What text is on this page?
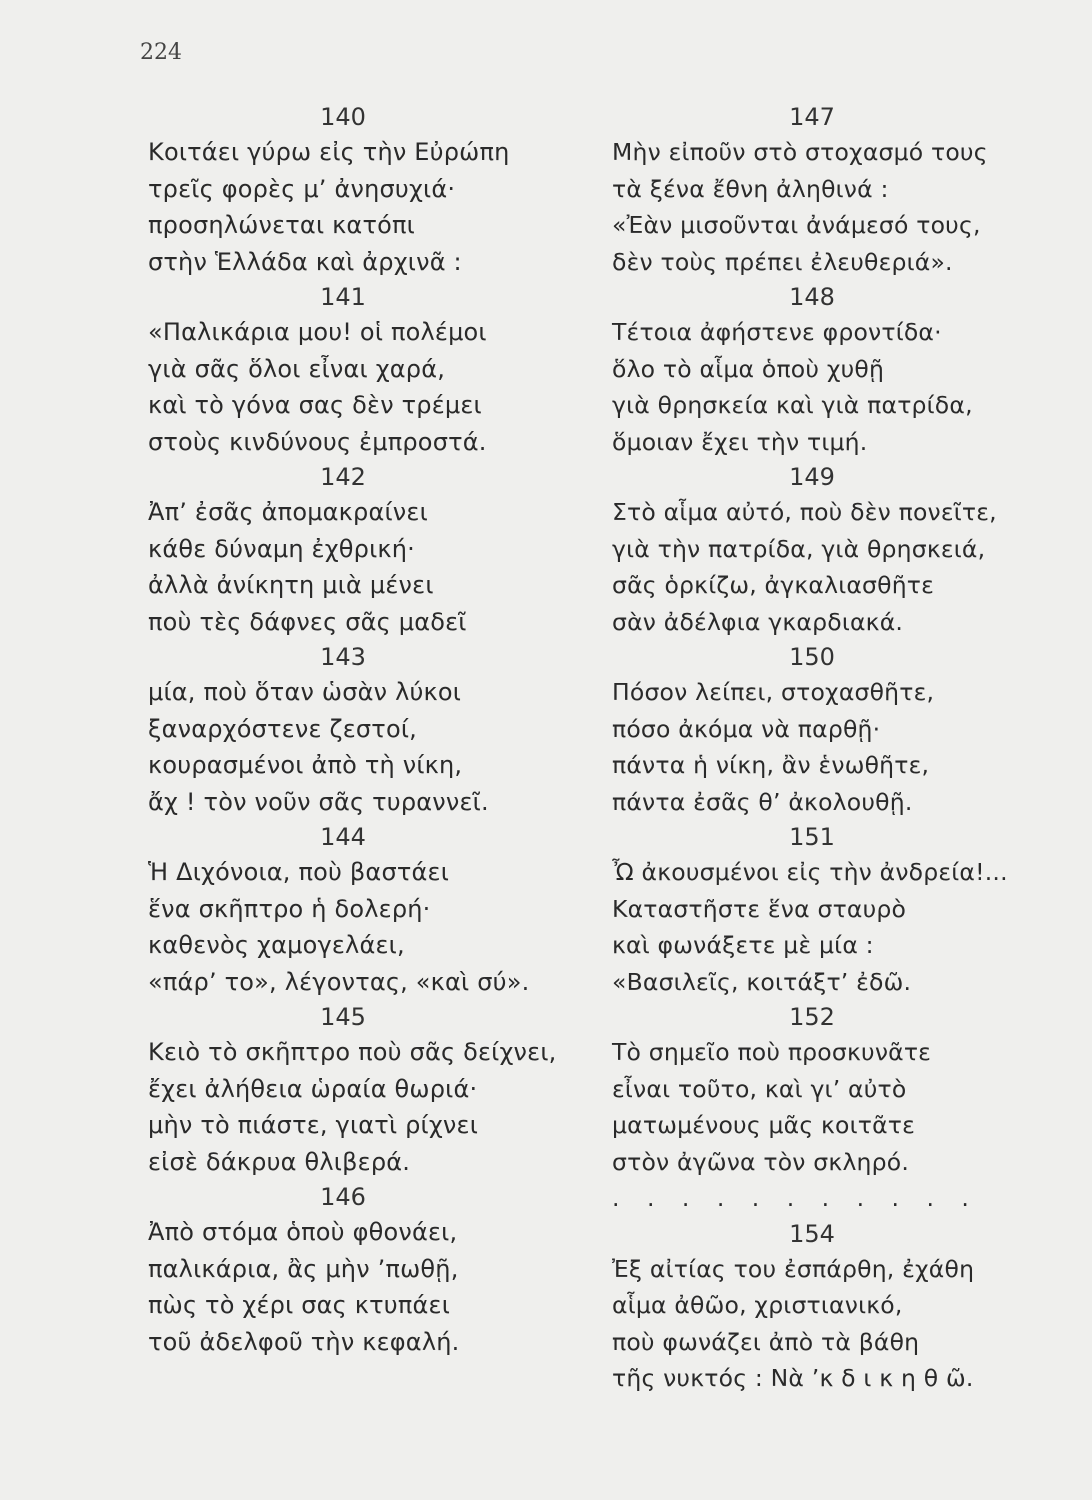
224
140
Κοιτάει γύρω εἰς τὴν Εὐρώπη
τρεῖς φορὲς μ’ ἀνησυχιά·
προσηλώνεται κατόπι
στὴν Ἑλλάδα καὶ ἀρχινᾶ :
141
«Παλικάρια μου! οἱ πολέμοι
γιὰ σᾶς ὅλοι εἶναι χαρά,
καὶ τὸ γόνα σας δὲν τρέμει
στοὺς κινδύνους ἐμπροστά.
142
Ἀπ’ ἐσᾶς ἀπομακραίνει
κάθε δύναμη ἐχθρική·
ἀλλὰ ἀνίκητη μιὰ μένει
ποὺ τὲς δάφνες σᾶς μαδεῖ
143
μία, ποὺ ὅταν ὡσὰν λύκοι
ξαναρχόστενε ζεστοί,
κουρασμένοι ἀπὸ τὴ νίκη,
ἄχ ! τὸν νοῦν σᾶς τυραννεῖ.
144
Ἡ Διχόνοια, ποὺ βαστάει
ἕνα σκῆπτρο ἡ δολερή·
καθενὸς χαμογελάει,
«πάρ’ το», λέγοντας, «καὶ σύ».
145
Κειὸ τὸ σκῆπτρο ποὺ σᾶς δείχνει,
ἔχει ἀλήθεια ὡραία θωριά·
μὴν τὸ πιάστε, γιατὶ ρίχνει
εἰσὲ δάκρυα θλιβερά.
146
Ἀπὸ στόμα ὁποὺ φθονάει,
παλικάρια, ἂς μὴν ’πωθῇ,
πὼς τὸ χέρι σας κτυπάει
τοῦ ἀδελφοῦ τὴν κεφαλή.
147
Μὴν εἰποῦν στὸ στοχασμό τους
τὰ ξένα ἔθνη ἀληθινά :
«Ἐὰν μισοῦνται ἀνάμεσό τους,
δὲν τοὺς πρέπει ἐλευθεριά».
148
Τέτοια ἀφήστενε φροντίδα·
ὅλο τὸ αἷμα ὁποὺ χυθῇ
γιὰ θρησκεία καὶ γιὰ πατρίδα,
ὅμοιαν ἔχει τὴν τιμή.
149
Στὸ αἷμα αὐτό, ποὺ δὲν πονεῖτε,
γιὰ τὴν πατρίδα, γιὰ θρησκειά,
σᾶς ὁρκίζω, ἀγκαλιασθῆτε
σὰν ἀδέλφια γκαρδιακά.
150
Πόσον λείπει, στοχασθῆτε,
πόσο ἀκόμα νὰ παρθῇ·
πάντα ἡ νίκη, ἂν ἑνωθῆτε,
πάντα ἐσᾶς θ’ ἀκολουθῇ.
151
Ὦ ἀκουσμένοι εἰς τὴν ἀνδρεία!...
Καταστῆστε ἕνα σταυρὸ
καὶ φωνάξετε μὲ μία :
«Βασιλεῖς, κοιτάξτ’ ἐδῶ.
152
Τὸ σημεῖο ποὺ προσκυνᾶτε
εἶναι τοῦτο, καὶ γι’ αὐτὸ
ματωμένους μᾶς κοιτᾶτε
στὸν ἀγῶνα τὸν σκληρό.
. . . . . . . . . . .
154
Ἐξ αἰτίας του ἐσπάρθη, ἐχάθη
αἷμα ἀθῶο, χριστιανικό,
ποὺ φωνάζει ἀπὸ τὰ βάθη
τῆς νυκτός : Νὰ ’κ δ ι κ η θ ῶ.
